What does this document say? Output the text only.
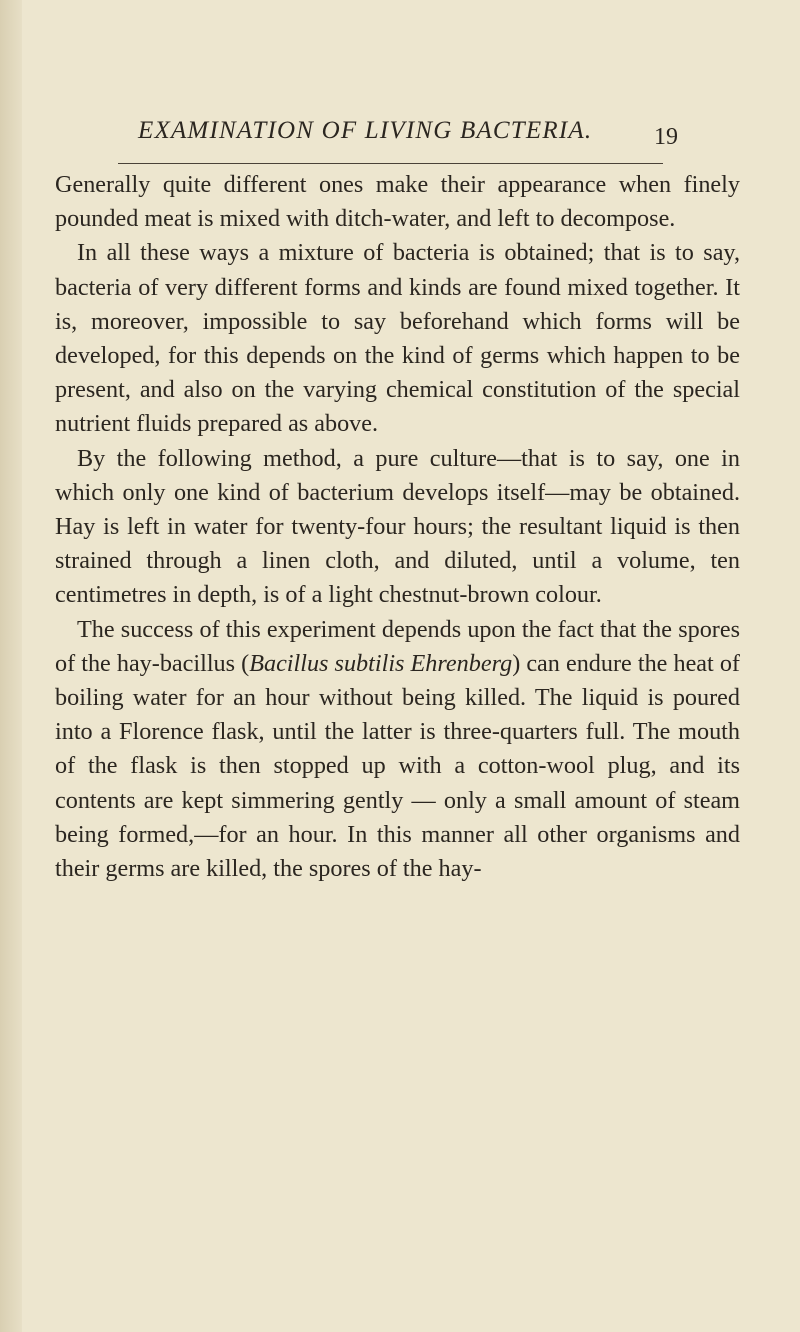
EXAMINATION OF LIVING BACTERIA.	19

Generally quite different ones make their appearance when finely pounded meat is mixed with ditch-water, and left to decompose.

In all these ways a mixture of bacteria is obtained; that is to say, bacteria of very different forms and kinds are found mixed together. It is, moreover, impossible to say beforehand which forms will be developed, for this depends on the kind of germs which happen to be present, and also on the varying chemical constitution of the special nutrient fluids prepared as above.

By the following method, a pure culture—that is to say, one in which only one kind of bacterium develops itself—may be obtained. Hay is left in water for twenty-four hours; the resultant liquid is then strained through a linen cloth, and diluted, until a volume, ten centimetres in depth, is of a light chestnut-brown colour.

The success of this experiment depends upon the fact that the spores of the hay-bacillus (Bacillus subtilis Ehrenberg) can endure the heat of boiling water for an hour without being killed. The liquid is poured into a Florence flask, until the latter is three-quarters full. The mouth of the flask is then stopped up with a cotton-wool plug, and its contents are kept simmering gently — only a small amount of steam being formed,—for an hour. In this manner all other organisms and their germs are killed, the spores of the hay-
